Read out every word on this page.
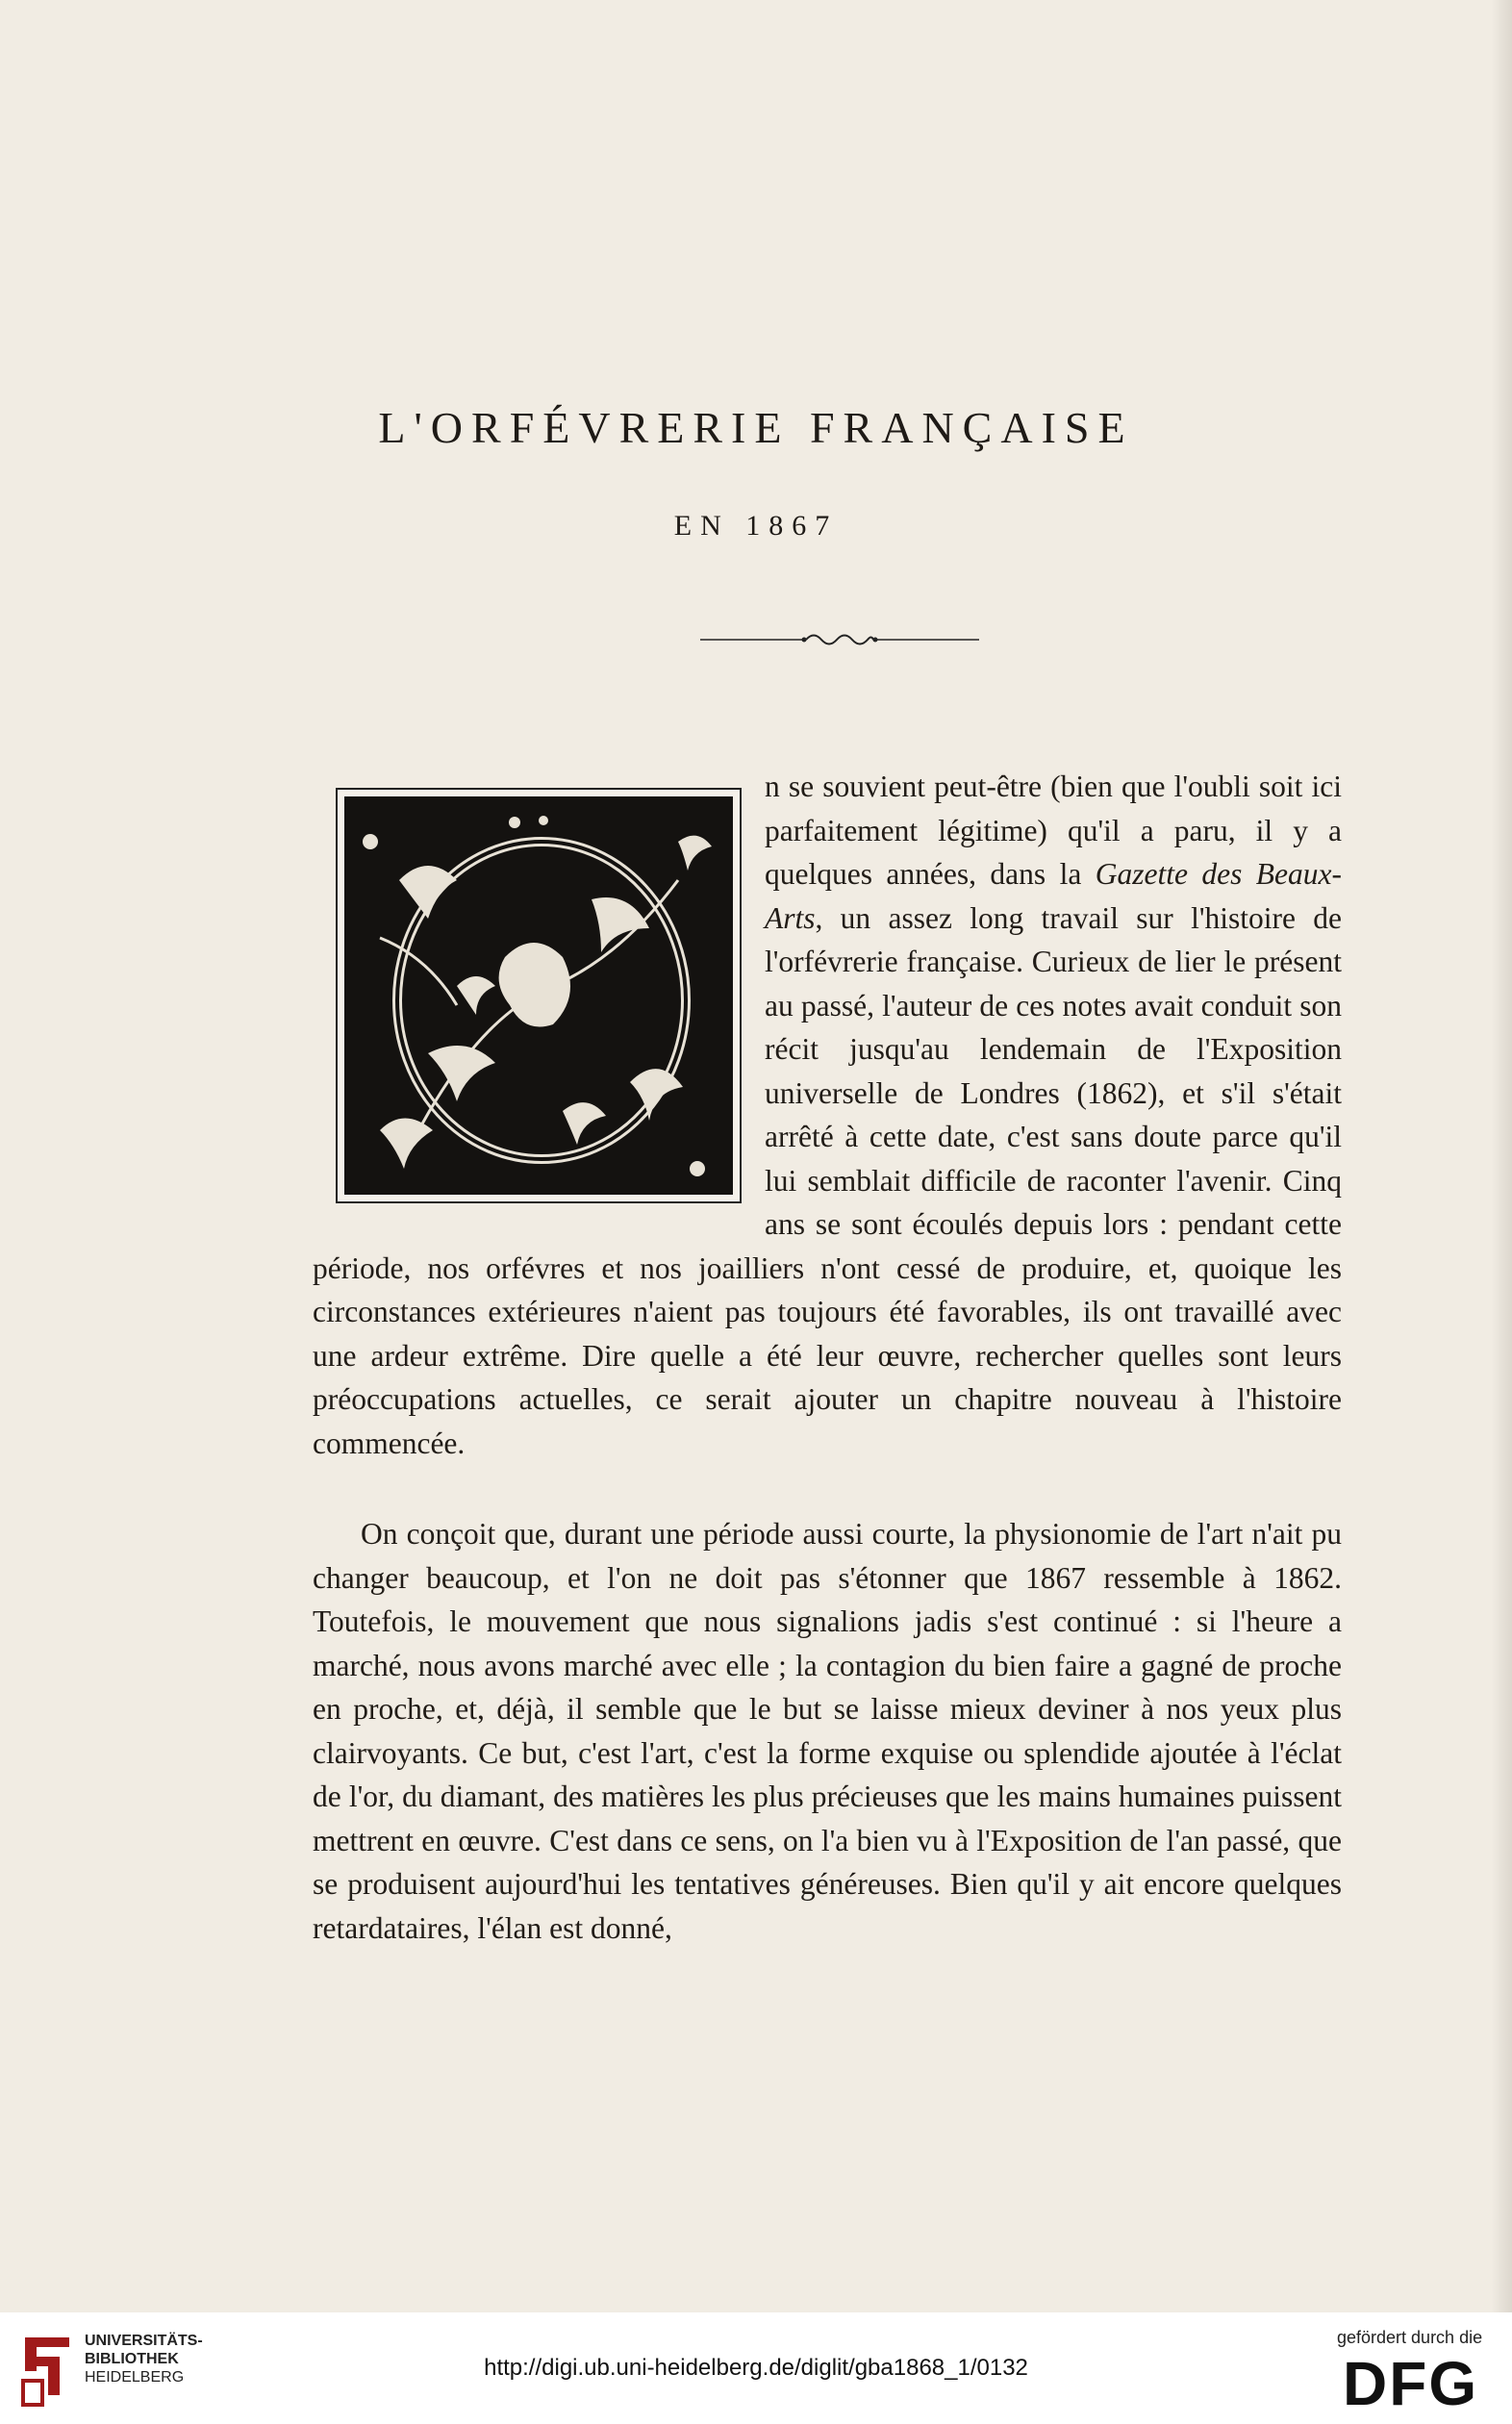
L'ORFÉVRERIE FRANÇAISE
EN 1867
n se souvient peut-être (bien que l'oubli soit ici parfaitement légitime) qu'il a paru, il y a quelques années, dans la Gazette des Beaux-Arts, un assez long travail sur l'histoire de l'orfévrerie française. Curieux de lier le présent au passé, l'auteur de ces notes avait conduit son récit jusqu'au lendemain de l'Exposition universelle de Londres (1862), et s'il s'était arrêté à cette date, c'est sans doute parce qu'il lui semblait difficile de raconter l'avenir. Cinq ans se sont écoulés depuis lors : pendant cette période, nos orfévres et nos joailliers n'ont cessé de produire, et, quoique les circonstances extérieures n'aient pas toujours été favorables, ils ont travaillé avec une ardeur extrême. Dire quelle a été leur œuvre, rechercher quelles sont leurs préoccupations actuelles, ce serait ajouter un chapitre nouveau à l'histoire commencée.

On conçoit que, durant une période aussi courte, la physionomie de l'art n'ait pu changer beaucoup, et l'on ne doit pas s'étonner que 1867 ressemble à 1862. Toutefois, le mouvement que nous signalions jadis s'est continué : si l'heure a marché, nous avons marché avec elle ; la contagion du bien faire a gagné de proche en proche, et, déjà, il semble que le but se laisse mieux deviner à nos yeux plus clairvoyants. Ce but, c'est l'art, c'est la forme exquise ou splendide ajoutée à l'éclat de l'or, du diamant, des matières les plus précieuses que les mains humaines puissent mettrent en œuvre. C'est dans ce sens, on l'a bien vu à l'Exposition de l'an passé, que se produisent aujourd'hui les tentatives généreuses. Bien qu'il y ait encore quelques retardataires, l'élan est donné,

UNIVERSITÄTS-
BIBLIOTHEK
HEIDELBERG	http://digi.ub.uni-heidelberg.de/diglit/gba1868_1/0132
gefördert durch die
DFG
